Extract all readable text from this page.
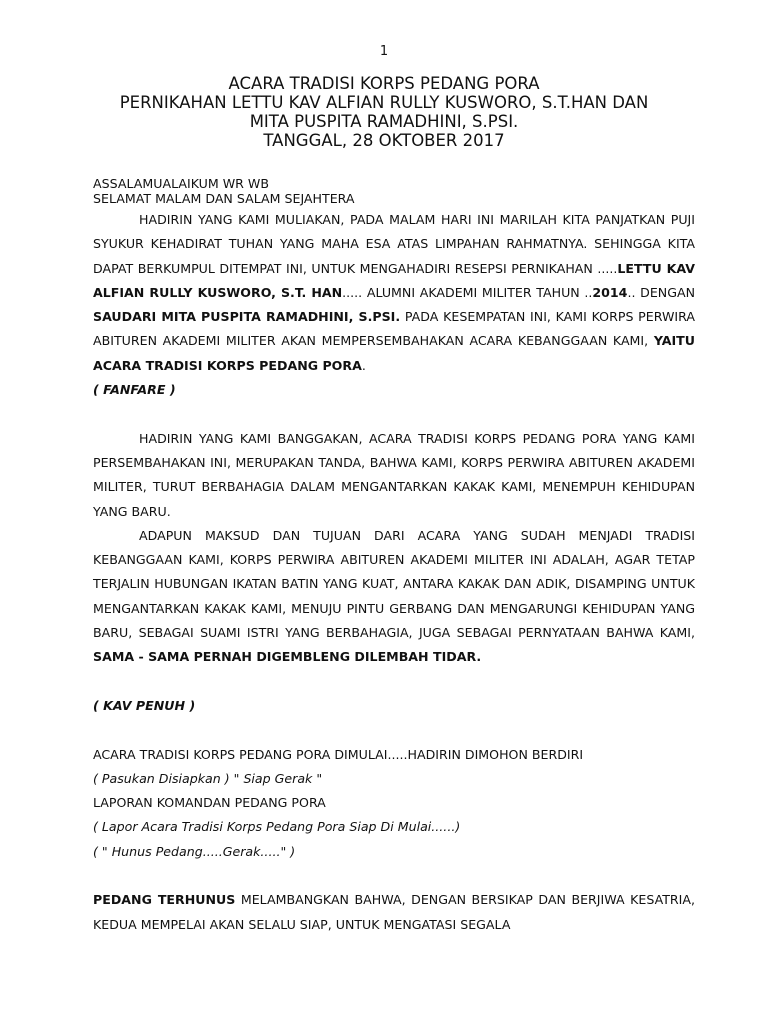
1
ACARA TRADISI KORPS PEDANG PORA
PERNIKAHAN LETTU KAV ALFIAN RULLY KUSWORO, S.T.HAN DAN
MITA PUSPITA RAMADHINI, S.PSI.
TANGGAL, 28 OKTOBER 2017
ASSALAMUALAIKUM WR WB
SELAMAT MALAM DAN SALAM SEJAHTERA

HADIRIN YANG KAMI MULIAKAN, PADA MALAM HARI INI MARILAH KITA PANJATKAN PUJI SYUKUR KEHADIRAT TUHAN YANG MAHA ESA ATAS LIMPAHAN RAHMATNYA. SEHINGGA KITA DAPAT BERKUMPUL DITEMPAT INI, UNTUK MENGAHADIRI RESEPSI PERNIKAHAN .....LETTU KAV ALFIAN RULLY KUSWORO, S.T. HAN..... ALUMNI AKADEMI MILITER TAHUN ..2014.. DENGAN SAUDARI MITA PUSPITA RAMADHINI, S.PSI. PADA KESEMPATAN INI, KAMI KORPS PERWIRA ABITUREN AKADEMI MILITER AKAN MEMPERSEMBAHAKAN ACARA KEBANGGAAN KAMI, YAITU ACARA TRADISI KORPS PEDANG PORA.

( FANFARE )

HADIRIN YANG KAMI BANGGAKAN, ACARA TRADISI KORPS PEDANG PORA YANG KAMI PERSEMBAHAKAN INI, MERUPAKAN TANDA, BAHWA KAMI, KORPS PERWIRA ABITUREN AKADEMI MILITER, TURUT BERBAHAGIA DALAM MENGANTARKAN KAKAK KAMI, MENEMPUH KEHIDUPAN YANG BARU.

ADAPUN MAKSUD DAN TUJUAN DARI ACARA YANG SUDAH MENJADI TRADISI KEBANGGAAN KAMI, KORPS PERWIRA ABITUREN AKADEMI MILITER INI ADALAH, AGAR TETAP TERJALIN HUBUNGAN IKATAN BATIN YANG KUAT, ANTARA KAKAK DAN ADIK, DISAMPING UNTUK MENGANTARKAN KAKAK KAMI, MENUJU PINTU GERBANG DAN MENGARUNGI KEHIDUPAN YANG BARU, SEBAGAI SUAMI ISTRI YANG BERBAHAGIA, JUGA SEBAGAI PERNYATAAN BAHWA KAMI, SAMA - SAMA PERNAH DIGEMBLENG DILEMBAH TIDAR.

( KAV PENUH )

ACARA TRADISI KORPS PEDANG PORA DIMULAI.....HADIRIN DIMOHON BERDIRI
( Pasukan Disiapkan ) " Siap Gerak "
LAPORAN KOMANDAN PEDANG PORA
( Lapor Acara Tradisi Korps Pedang Pora Siap Di Mulai......)
( " Hunus Pedang.....Gerak....." )

PEDANG TERHUNUS MELAMBANGKAN BAHWA, DENGAN BERSIKAP DAN BERJIWA KESATRIA, KEDUA MEMPELAI AKAN SELALU SIAP, UNTUK MENGATASI SEGALA
